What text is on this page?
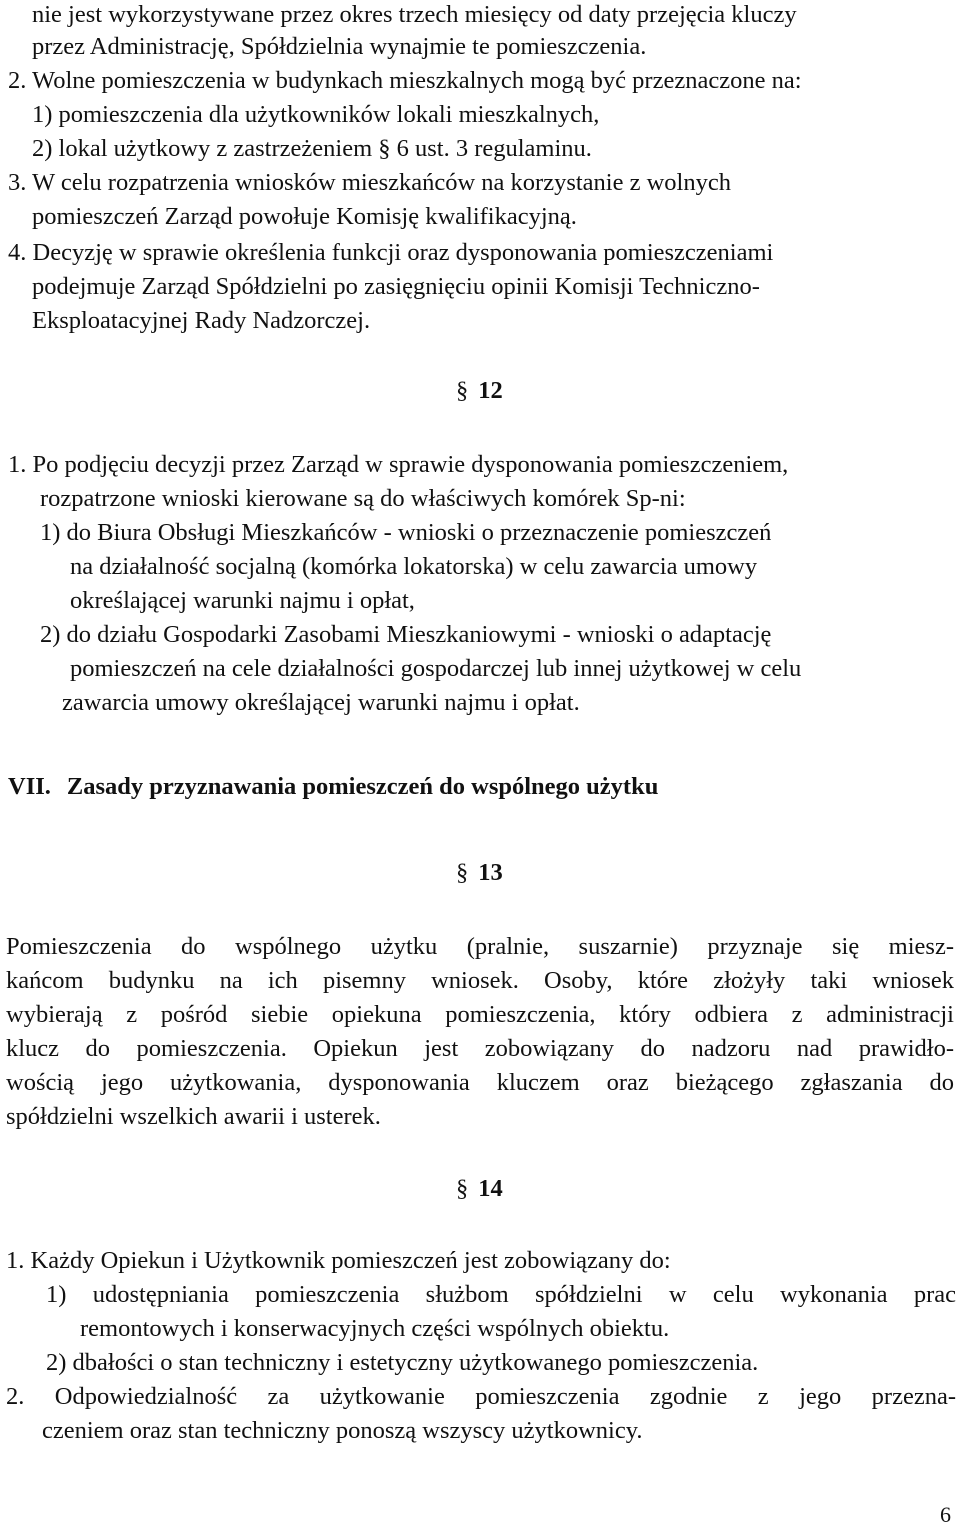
nie jest wykorzystywane przez okres trzech miesięcy od daty przejęcia kluczy
przez Administrację, Spółdzielnia wynajmie te pomieszczenia.
2. Wolne pomieszczenia w budynkach mieszkalnych mogą być przeznaczone na:
1) pomieszczenia dla użytkowników lokali mieszkalnych,
2) lokal użytkowy z zastrzeżeniem § 6 ust. 3 regulaminu.
3. W celu rozpatrzenia wniosków mieszkańców na korzystanie z wolnych
pomieszczeń Zarząd powołuje Komisję kwalifikacyjną.
4. Decyzję w sprawie określenia funkcji oraz dysponowania pomieszczeniami
podejmuje Zarząd Spółdzielni po zasięgnięciu opinii Komisji Techniczno-
Eksploatacyjnej Rady Nadzorczej.
§ 12
1. Po podjęciu decyzji przez Zarząd w sprawie dysponowania pomieszczeniem,
rozpatrzone wnioski kierowane są do właściwych komórek Sp-ni:
1) do Biura Obsługi Mieszkańców - wnioski o przeznaczenie pomieszczeń
na działalność socjalną (komórka lokatorska) w celu zawarcia umowy
określającej warunki najmu i opłat,
2) do działu Gospodarki Zasobami Mieszkaniowymi - wnioski o adaptację
pomieszczeń na cele działalności gospodarczej lub innej użytkowej w celu
zawarcia umowy określającej warunki najmu i opłat.
VII. Zasady przyznawania pomieszczeń do wspólnego użytku
§ 13
Pomieszczenia do wspólnego użytku (pralnie, suszarnie) przyznaje się miesz-
kańcom budynku na ich pisemny wniosek. Osoby, które złożyły taki wniosek
wybierają z pośród siebie opiekuna pomieszczenia, który odbiera z administracji
klucz do pomieszczenia. Opiekun jest zobowiązany do nadzoru nad prawidło-
wością jego użytkowania, dysponowania kluczem oraz bieżącego zgłaszania do
spółdzielni wszelkich awarii i usterek.
§ 14
1. Każdy Opiekun i Użytkownik pomieszczeń jest zobowiązany do:
1) udostępniania pomieszczenia służbom spółdzielni w celu wykonania prac
remontowych i konserwacyjnych części wspólnych obiektu.
2) dbałości o stan techniczny i estetyczny użytkowanego pomieszczenia.
2. Odpowiedzialność za użytkowanie pomieszczenia zgodnie z jego przezna-
czeniem oraz stan techniczny ponoszą wszyscy użytkownicy.
6
